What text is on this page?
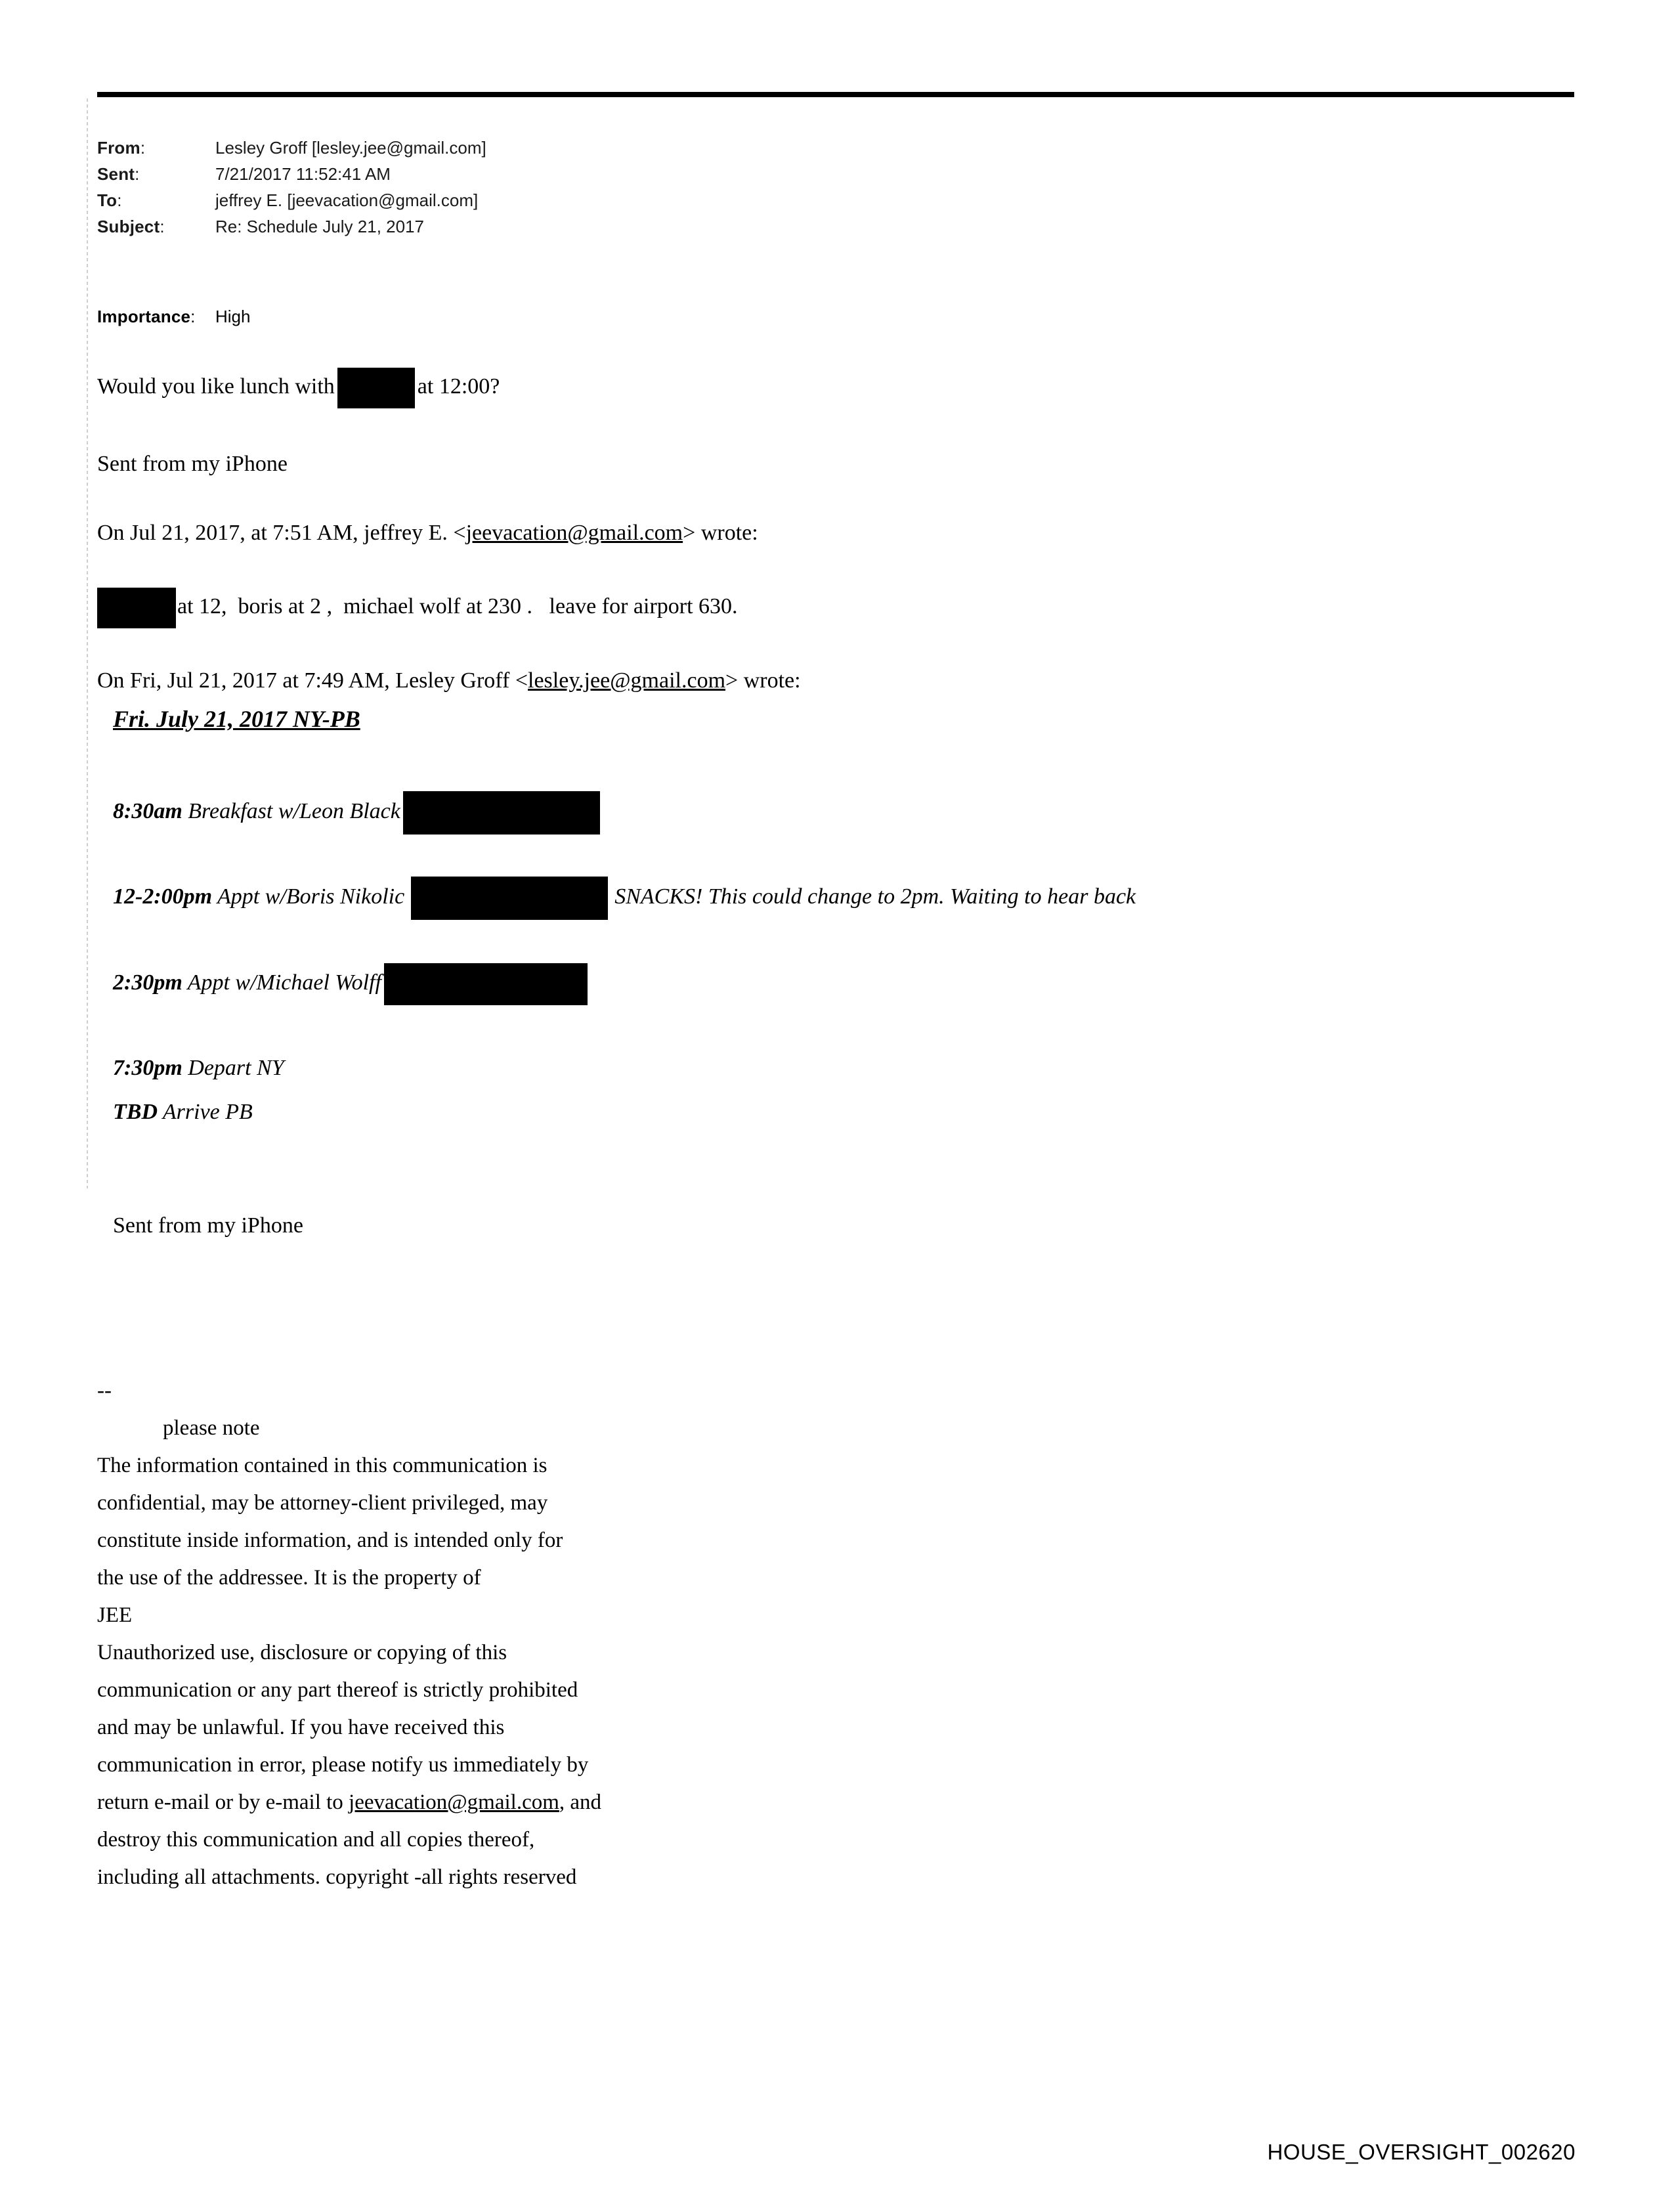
From:	Lesley Groff [lesley.jee@gmail.com]
Sent:	7/21/2017 11:52:41 AM
To:	jeffrey E. [jeevacation@gmail.com]
Subject:	Re: Schedule July 21, 2017
Importance:	High
Would you like lunch with	at 12:00?
Sent from my iPhone
On Jul 21, 2017, at 7:51 AM, jeffrey E. <jeevacation@gmail.com> wrote:
at 12,  boris at 2 ,  michael wolf at 230 .   leave for airport 630.
On Fri, Jul 21, 2017 at 7:49 AM, Lesley Groff <lesley.jee@gmail.com> wrote:
Fri. July 21, 2017 NY-PB
8:30am Breakfast w/Leon Black
12-2:00pm Appt w/Boris Nikolic	SNACKS! This could change to 2pm. Waiting to hear back
2:30pm Appt w/Michael Wolff
7:30pm Depart NY
TBD Arrive PB
Sent from my iPhone
--
please note
The information contained in this communication is
confidential, may be attorney-client privileged, may
constitute inside information, and is intended only for
the use of the addressee. It is the property of
JEE
Unauthorized use, disclosure or copying of this
communication or any part thereof is strictly prohibited
and may be unlawful. If you have received this
communication in error, please notify us immediately by
return e-mail or by e-mail to jeevacation@gmail.com, and
destroy this communication and all copies thereof,
including all attachments. copyright -all rights reserved
HOUSE_OVERSIGHT_002620
